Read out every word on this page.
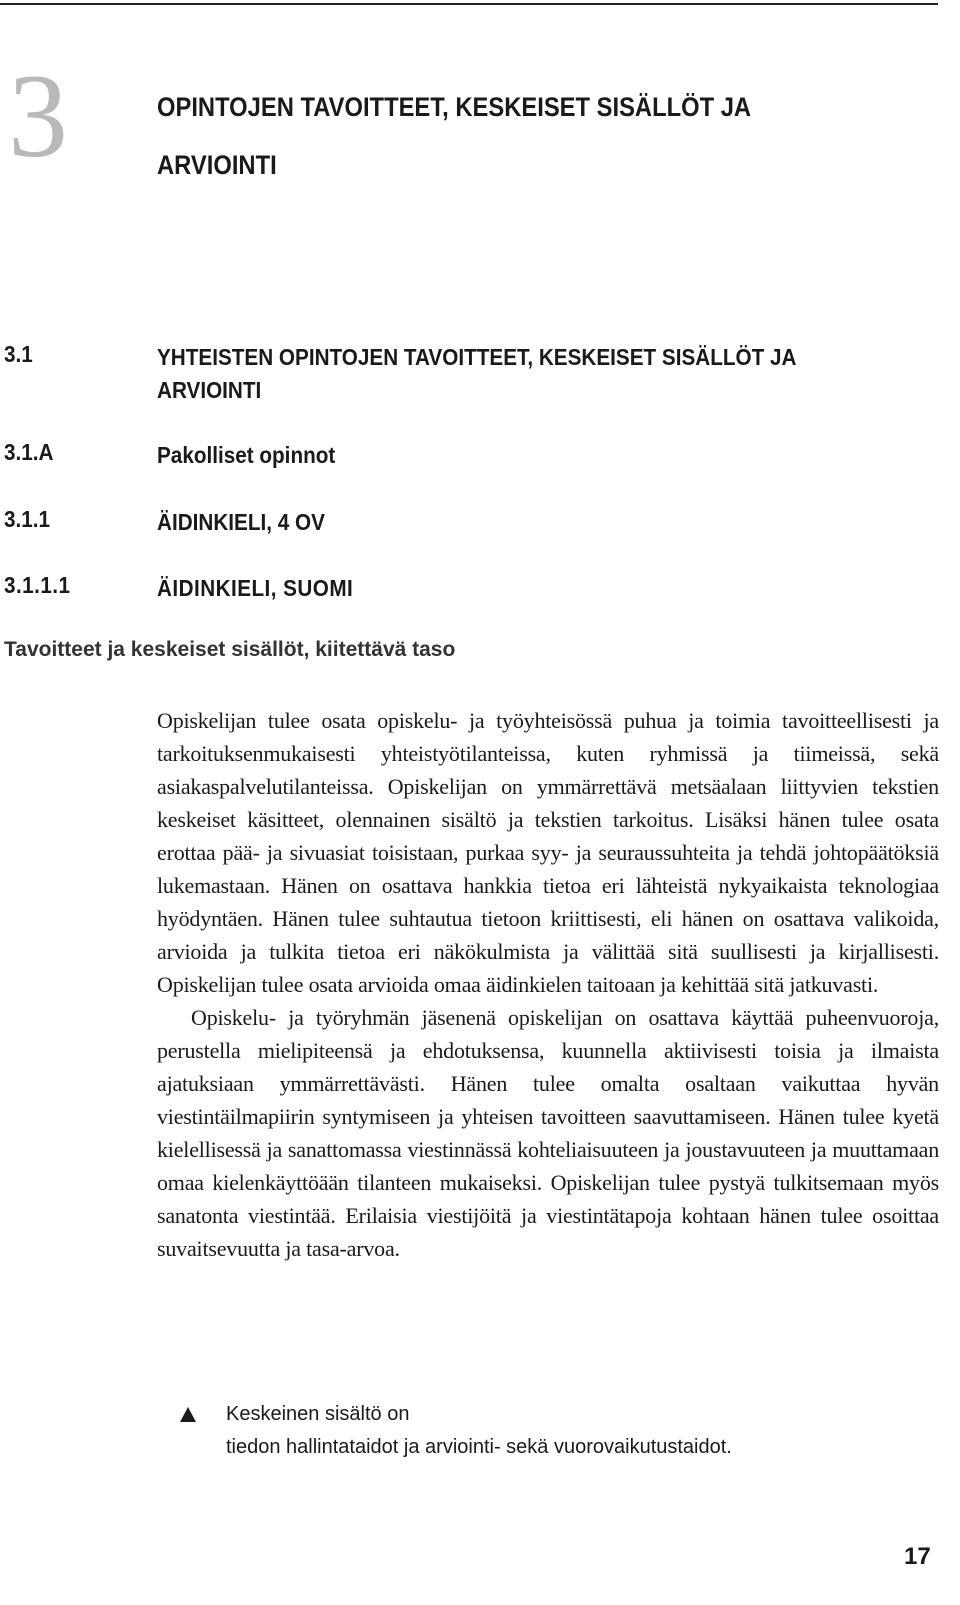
3	OPINTOJEN TAVOITTEET, KESKEISET SISÄLLÖT JA ARVIOINTI
3.1	YHTEISTEN OPINTOJEN TAVOITTEET, KESKEISET SISÄLLÖT JA ARVIOINTI
3.1.A	Pakolliset opinnot
3.1.1	ÄIDINKIELI, 4 OV
3.1.1.1	ÄIDINKIELI, SUOMI
Tavoitteet ja keskeiset sisällöt, kiitettävä taso

Opiskelijan tulee osata opiskelu- ja työyhteisössä puhua ja toimia tavoitteellisesti ja tarkoituksenmukaisesti yhteistyötilanteissa, kuten ryhmissä ja tiimeissä, sekä asiakaspalvelutilanteissa. Opiskelijan on ymmärrettävä metsäalaan liittyvien tekstien keskeiset käsitteet, olennainen sisältö ja tekstien tarkoitus. Lisäksi hänen tulee osata erottaa pää- ja sivuasiat toisistaan, purkaa syy- ja seuraussuhteita ja tehdä johtopäätöksiä lukemastaan. Hänen on osattava hankkia tietoa eri lähteistä nykyaikaista teknologiaa hyödyntäen. Hänen tulee suhtautua tietoon kriittisesti, eli hänen on osattava valikoida, arvioida ja tulkita tietoa eri näkökulmista ja välittää sitä suullisesti ja kirjallisesti. Opiskelijan tulee osata arvioida omaa äidinkielen taitoaan ja kehittää sitä jatkuvasti.

Opiskelu- ja työryhmän jäsenenä opiskelijan on osattava käyttää puheenvuoroja, perustella mielipiteensä ja ehdotuksensa, kuunnella aktiivisesti toisia ja ilmaista ajatuksiaan ymmärrettävästi. Hänen tulee omalta osaltaan vaikuttaa hyvän viestintäilmapiirin syntymiseen ja yhteisen tavoitteen saavuttamiseen. Hänen tulee kyetä kielellisessä ja sanattomassa viestinnässä kohteliaisuuteen ja joustavuuteen ja muuttamaan omaa kielenkäyttöään tilanteen mukaiseksi. Opiskelijan tulee pystyä tulkitsemaan myös sanatonta viestintää. Erilaisia viestijöitä ja viestintätapoja kohtaan hänen tulee osoittaa suvaitsevuutta ja tasa-arvoa.

Keskeinen sisältö on
tiedon hallintataidot ja arviointi- sekä vuorovaikutustaidot.
17
